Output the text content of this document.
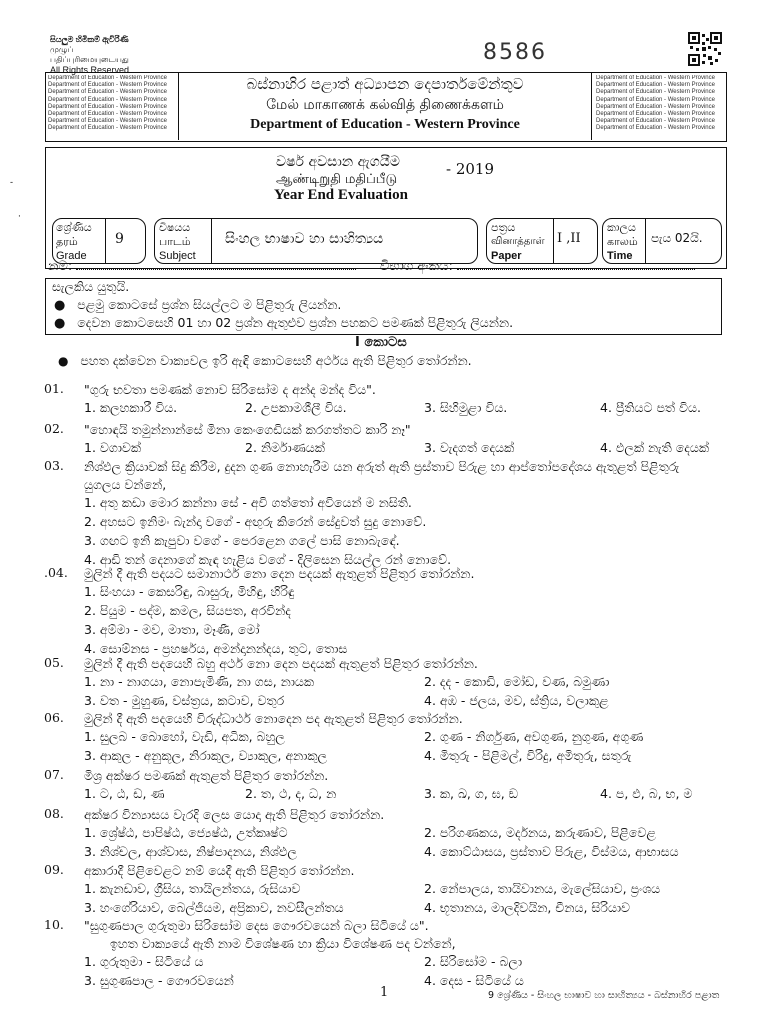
සියලුම හිමිකම් ඇවිරිණි
முழுப் பதிப்புரிமையுடையது
All Rights Reserved
8586
Department of Education - Western Province Department of Education - Western Province Department of Education - Western Province Department of Education - Western Province Department of Education - Western Province Department of Education - Western Province Department of Education - Western Province Department of Education - Western Province
බස්නාහිර පළාත් අධ්‍යාපන දෙපාර්තමේන්තුව
மேல் மாகாணக் கல்வித் திணைக்களம்
Department of Education - Western Province
Department of Education - Western Province Department of Education - Western Province Department of Education - Western Province Department of Education - Western Province Department of Education - Western Province Department of Education - Western Province Department of Education - Western Province Department of Education - Western Province
වර්ෂ අවසාන ඇගයීම
ஆண்டிறுதி மதிப்பீடு
- 2019
Year End Evaluation
ශ්‍රේණිය
தரம்
Grade
9
විෂයය
பாடம்
Subject
සිංහල භාෂාව හා සාහිත්‍යය
පත්‍රය
வினாத்தாள்
Paper
I ,II
කාලය
காலம்
Time
පැය 02යි.
නම:	විභාග අංකය:
සැලකිය යුතුයි.
● පළමු කොටසේ ප්‍රශ්න සියල්ලට ම පිළිතුරු ලියන්න.
● දෙවන කොටසෙහි 01 හා 02 ප්‍රශ්න ඇතුළුව ප්‍රශ්න පහකට පමණක් පිළිතුරු ලියන්න.
I කොටස
● පහත දක්වෙන වාක්‍යවල ඉරි ඇඳි කොටසෙහි අර්ථය ඇති පිළිතුර තෝරන්න.
01.	"ගුරු භවතා පමණක් නොව සිරිසෝම ද අන්ද මන්ද විය".
1. කලහකාරී විය.	2. උපකාමශීලී විය.	3. සිහිමුළා විය.	4. ප්‍රීතියට පත් විය.
02.	"හොඳයි තමුන්නාන්සේ මිනා කෙංගෙඩියක් කරගත්තට කාරි නෑ"
1. වගාවක්	2. නිර්මාණයක්	3. වැදගත් දෙයක්	4. ඵලක් නැති දෙයක්
03.	නිශ්ඵල ක්‍රියාවක් සිදු කිරීම, දුදන ගුණ නොහැරීම යන අරුත් ඇති ප්‍රස්තාව පිරුළ හා ආප්තෝපදේශය ඇතුළත් පිළිතුරු යුගලය වන්නේ,
1. අතු කඩා මොර කන්නා සේ - අවි ගත්තෝ අවියෙන් ම නසිති.
2. අහසට ඉනිමං බැන්දා වගේ - අඟුරු කිරෙන් සේදුවත් සුදු නොවේ.
3. ගඟට ඉනි කැපුවා වගේ - පෙරළෙන ගලේ පාසි නොබැඳේ.
4. ආඩි තන් දෙනාගේ කැඳ හැළිය වගේ - දිලිසෙන සියල්ල රන් නොවේ.
.04.	මුලින් දී ඇති පදයට සමානාර්ථ නො දෙන පදයක් ඇතුළත් පිළිතුර තෝරන්න.
1. සිංහයා - කෙසරිඳු, බාසුරු, මිහිඳු, හිරිඳු
2. පියුම - පද්ම, කමල, සියපත, අරවින්ද
3. අම්මා - මව, මාතා, මෑණී, මෝ
4. සොම්නස - ප්‍රහර්ෂය, අමන්දානන්දය, තුට, තොස
05.	මුලින් දී ඇති පදයෙහි බහු අර්ථ නො දෙන පදයක් ඇතුළත් පිළිතුර තෝරන්න.
1. නා - නාගයා, නොපැමිණි, නා ගස, නායක	2. දද - කොඩි, මෝඩ, වණ, බමුණා
3. වත - මුහුණ, වස්ත්‍රය, කටාව, වතුර	4. අඹ - ජලය, මව, ස්ත්‍රිය, වලාකුළ
06.	මුලින් දී ඇති පදයෙහි විරුද්ධාර්ථ නොදෙන පද ඇතුළත් පිළිතුර තෝරන්න.
1. සුලබ - බොහෝ, වැඩි, අධික, බහුල	2. ගුණ - නිර්ගුණ, අවගුණ, නුගුණ, අගුණ
3. ආකුල - අනුකූල, නිරාකුල, ව්‍යාකුල, අනාකුල	4. මිතුරු - පිළිමල්, විරිදු, අමිතුරු, සතුරු
07.	මිශ්‍ර අක්ෂර පමණක් ඇතුළත් පිළිතුර තෝරන්න.
1. ට, ඨ, ඩ, ණ	2. ත, ථ, ද, ධ, න	3. ක, ඛ, ග, ඝ, ඞ	4. ප, ඵ, බ, භ, ම
08.	අක්ෂර වින්‍යාසය වැරදි ලෙස යොදා ඇති පිළිතුර තෝරන්න.
1. ශ්‍රේෂ්ඨ, පාපිෂ්ඨ, ජ්‍යෙෂ්ඨ, උත්කෘෂ්ට	2. පරිගණකය, මර්දනය, කරුණාව, පිළිවෙළ
3. නිශ්චල, ආශ්වාස, නිෂ්පාදනය, නිශ්ඵල	4. කොට්ඨාසය, ප්‍රස්තාව පිරුළ, විස්මය, ආභාසය
09.	අකාරාදී පිළිවෙළට නම් යෙදී ඇති පිළිතුර තෝරන්න.
1. කැනඩාව, ග්‍රීසිය, තායිලන්තය, රුසියාව	2. නේපාලය, තායිවානය, මැලේසියාව, ප්‍රංශය
3. හංගේරියාව, බෙල්ජියම, අප්‍රිකාව, නවසීලන්තය	4. භූතානය, මාලදිවයින, චීනය, සිරියාව
10.	"සුගුණපාල ගුරුතුමා සිරිසෝම දෙස ගෞරවයෙන් බලා සිටියේ ය".
ඉහත වාක්‍යයේ ඇති නාම විශේෂණ හා ක්‍රියා විශේෂණ පද වන්නේ,
1. ගුරුතුමා - සිටියේ ය	2. සිරිසෝම - බලා
3. සුගුණපාල - ගෞරවයෙන්	4. දෙස - සිටියේ ය
1	9 ශ්‍රේණිය - සිංහල භාෂාව හා සාහිත්‍යය - බස්නාහිර පළාත
-
·
